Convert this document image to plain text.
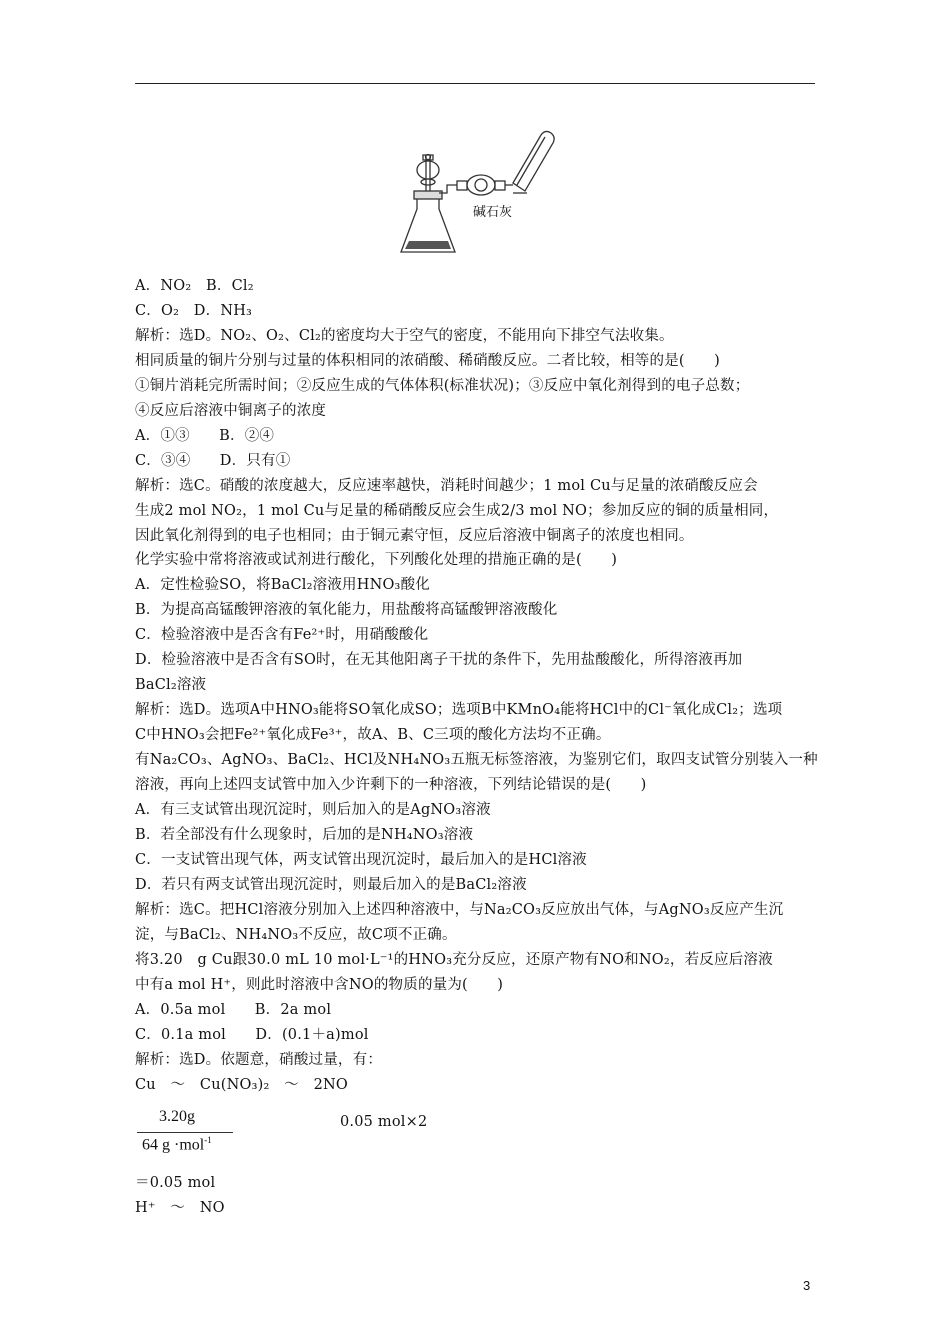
碱石灰
A．NO₂　B．Cl₂
C．O₂　D．NH₃
解析：选D。NO₂、O₂、Cl₂的密度均大于空气的密度，不能用向下排空气法收集。
相同质量的铜片分别与过量的体积相同的浓硝酸、稀硝酸反应。二者比较，相等的是(　　)
①铜片消耗完所需时间；②反应生成的气体体积(标准状况)；③反应中氧化剂得到的电子总数；
④反应后溶液中铜离子的浓度
A．①③　　B．②④
C．③④　　D．只有①
解析：选C。硝酸的浓度越大，反应速率越快，消耗时间越少；1 mol Cu与足量的浓硝酸反应会
生成2 mol NO₂，1 mol Cu与足量的稀硝酸反应会生成2/3 mol NO；参加反应的铜的质量相同，
因此氧化剂得到的电子也相同；由于铜元素守恒，反应后溶液中铜离子的浓度也相同。
化学实验中常将溶液或试剂进行酸化，下列酸化处理的措施正确的是(　　)
A．定性检验SO，将BaCl₂溶液用HNO₃酸化
B．为提高高锰酸钾溶液的氧化能力，用盐酸将高锰酸钾溶液酸化
C．检验溶液中是否含有Fe²⁺时，用硝酸酸化
D．检验溶液中是否含有SO时，在无其他阳离子干扰的条件下，先用盐酸酸化，所得溶液再加
BaCl₂溶液
解析：选D。选项A中HNO₃能将SO氧化成SO；选项B中KMnO₄能将HCl中的Cl⁻氧化成Cl₂；选项
C中HNO₃会把Fe²⁺氧化成Fe³⁺，故A、B、C三项的酸化方法均不正确。
有Na₂CO₃、AgNO₃、BaCl₂、HCl及NH₄NO₃五瓶无标签溶液，为鉴别它们，取四支试管分别装入一种
溶液，再向上述四支试管中加入少许剩下的一种溶液，下列结论错误的是(　　)
A．有三支试管出现沉淀时，则后加入的是AgNO₃溶液
B．若全部没有什么现象时，后加的是NH₄NO₃溶液
C．一支试管出现气体，两支试管出现沉淀时，最后加入的是HCl溶液
D．若只有两支试管出现沉淀时，则最后加入的是BaCl₂溶液
解析：选C。把HCl溶液分别加入上述四种溶液中，与Na₂CO₃反应放出气体，与AgNO₃反应产生沉
淀，与BaCl₂、NH₄NO₃不反应，故C项不正确。
将3.20　g Cu跟30.0 mL 10 mol·L⁻¹的HNO₃充分反应，还原产物有NO和NO₂，若反应后溶液
中有a mol H⁺，则此时溶液中含NO的物质的量为(　　)
A．0.5a mol　　B．2a mol
C．0.1a mol　　D．(0.1＋a)mol
解析：选D。依题意，硝酸过量，有：
Cu　～　Cu(NO₃)₂　～　2NO
3.20g
64 g ·mol$^{-1}$
0.05 mol×2
＝0.05 mol
H⁺　～　NO
3
